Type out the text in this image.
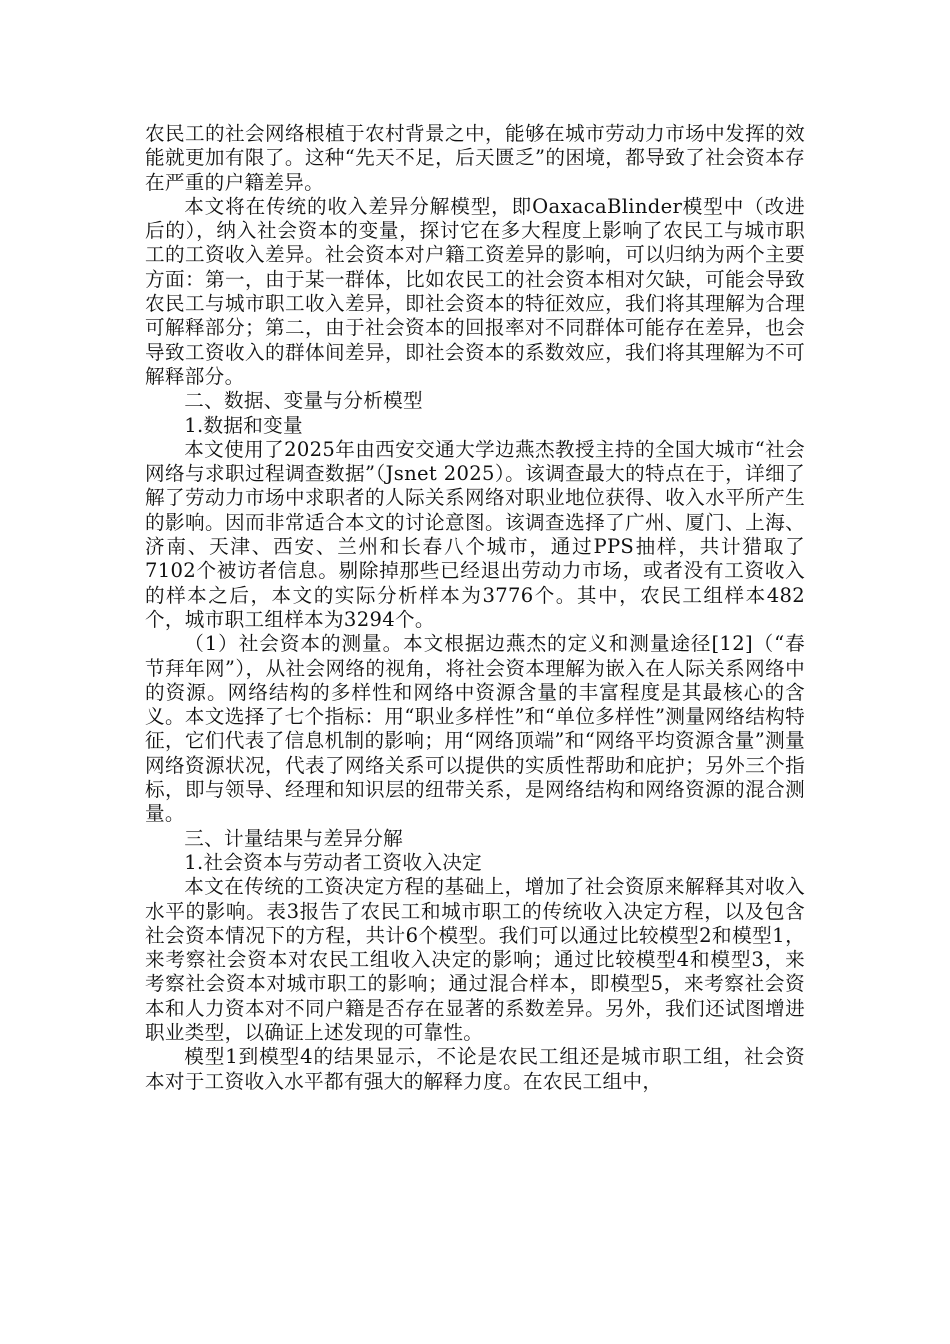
农民工的社会网络根植于农村背景之中，能够在城市劳动力市场中发挥的效能就更加有限了。这种“先天不足，后天匮乏”的困境，都导致了社会资本存在严重的户籍差异。

本文将在传统的收入差异分解模型，即OaxacaBlinder模型中（改进后的），纳入社会资本的变量，探讨它在多大程度上影响了农民工与城市职工的工资收入差异。社会资本对户籍工资差异的影响，可以归纳为两个主要方面：第一，由于某一群体，比如农民工的社会资本相对欠缺，可能会导致农民工与城市职工收入差异，即社会资本的特征效应，我们将其理解为合理可解释部分；第二，由于社会资本的回报率对不同群体可能存在差异，也会导致工资收入的群体间差异，即社会资本的系数效应，我们将其理解为不可解释部分。

二、数据、变量与分析模型

1.数据和变量

本文使用了2025年由西安交通大学边燕杰教授主持的全国大城市“社会网络与求职过程调查数据”（Jsnet 2025）。该调查最大的特点在于，详细了解了劳动力市场中求职者的人际关系网络对职业地位获得、收入水平所产生的影响。因而非常适合本文的讨论意图。该调查选择了广州、厦门、上海、济南、天津、西安、兰州和长春八个城市，通过PPS抽样，共计猎取了7102个被访者信息。剔除掉那些已经退出劳动力市场，或者没有工资收入的样本之后，本文的实际分析样本为3776个。其中，农民工组样本482个，城市职工组样本为3294个。

（1）社会资本的测量。本文根据边燕杰的定义和测量途径[12]（“春节拜年网”），从社会网络的视角，将社会资本理解为嵌入在人际关系网络中的资源。网络结构的多样性和网络中资源含量的丰富程度是其最核心的含义。本文选择了七个指标：用“职业多样性”和“单位多样性”测量网络结构特征，它们代表了信息机制的影响；用“网络顶端”和“网络平均资源含量”测量网络资源状况，代表了网络关系可以提供的实质性帮助和庇护；另外三个指标，即与领导、经理和知识层的纽带关系，是网络结构和网络资源的混合测量。

三、计量结果与差异分解

1.社会资本与劳动者工资收入决定

本文在传统的工资决定方程的基础上，增加了社会资原来解释其对收入水平的影响。表3报告了农民工和城市职工的传统收入决定方程，以及包含社会资本情况下的方程，共计6个模型。我们可以通过比较模型2和模型1，来考察社会资本对农民工组收入决定的影响；通过比较模型4和模型3，来考察社会资本对城市职工的影响；通过混合样本，即模型5，来考察社会资本和人力资本对不同户籍是否存在显著的系数差异。另外，我们还试图增进职业类型，以确证上述发现的可靠性。

模型1到模型4的结果显示，不论是农民工组还是城市职工组，社会资本对于工资收入水平都有强大的解释力度。在农民工组中，
